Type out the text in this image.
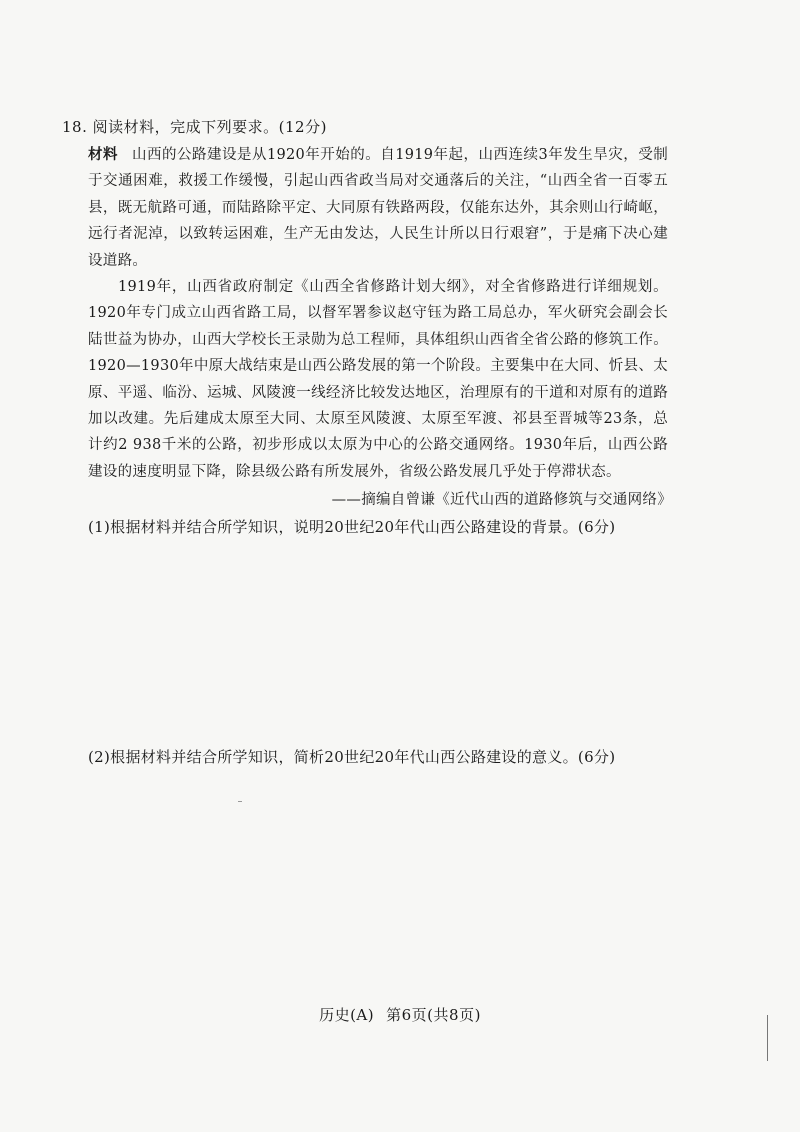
18. 阅读材料，完成下列要求。(12分)

材料 山西的公路建设是从1920年开始的。自1919年起，山西连续3年发生旱灾，受制于交通困难，救援工作缓慢，引起山西省政当局对交通落后的关注，“山西全省一百零五县，既无航路可通，而陆路除平定、大同原有铁路两段，仅能东达外，其余则山行崎岖，远行者泥淖，以致转运困难，生产无由发达，人民生计所以日行艰窘”，于是痛下决心建设道路。

1919年，山西省政府制定《山西全省修路计划大纲》，对全省修路进行详细规划。1920年专门成立山西省路工局，以督军署参议赵守钰为路工局总办，军火研究会副会长陆世益为协办，山西大学校长王录勋为总工程师，具体组织山西省全省公路的修筑工作。1920—1930年中原大战结束是山西公路发展的第一个阶段。主要集中在大同、忻县、太原、平遥、临汾、运城、风陵渡一线经济比较发达地区，治理原有的干道和对原有的道路加以改建。先后建成太原至大同、太原至风陵渡、太原至军渡、祁县至晋城等23条，总计约2 938千米的公路，初步形成以太原为中心的公路交通网络。1930年后，山西公路建设的速度明显下降，除县级公路有所发展外，省级公路发展几乎处于停滞状态。

——摘编自曾谦《近代山西的道路修筑与交通网络》
(1)根据材料并结合所学知识，说明20世纪20年代山西公路建设的背景。(6分)
(2)根据材料并结合所学知识，简析20世纪20年代山西公路建设的意义。(6分)
历史(A) 第6页(共8页)
